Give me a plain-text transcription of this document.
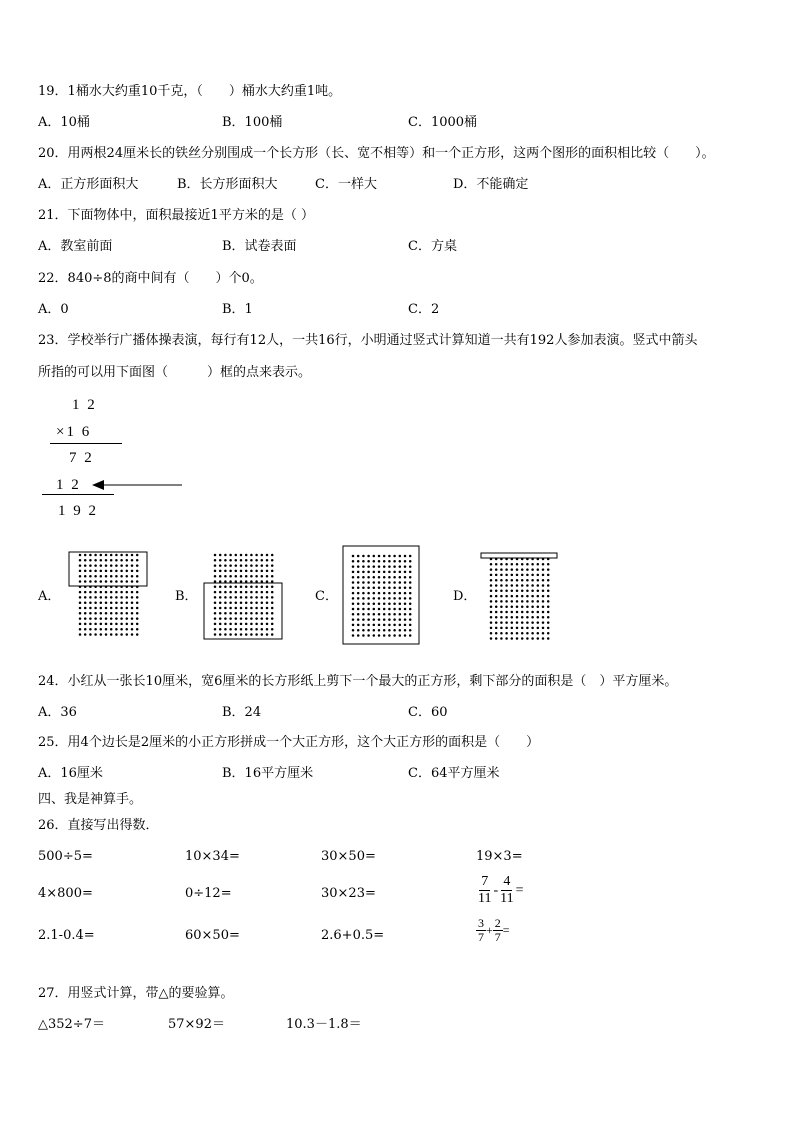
19．1桶水大约重10千克，（　　）桶水大约重1吨。
A．10桶	B．100桶	C．1000桶
20．用两根24厘米长的铁丝分别围成一个长方形（长、宽不相等）和一个正方形，这两个图形的面积相比较（　　）。
A．正方形面积大	B．长方形面积大	C．一样大	D．不能确定
21．下面物体中，面积最接近1平方米的是（ ）
A．教室前面	B．试卷表面	C．方桌
22．840÷8的商中间有（　　）个0。
A．0	B．1	C．2
23．学校举行广播体操表演，每行有12人，一共16行，小明通过竖式计算知道一共有192人参加表演。竖式中箭头
所指的可以用下面图（　　　）框的点来表示。
1 2
×1 6
7 2
1 2
1 9 2
A．	B．	C．	D．
24．小红从一张长10厘米，宽6厘米的长方形纸上剪下一个最大的正方形，剩下部分的面积是（　）平方厘米。
A．36	B．24	C．60
25．用4个边长是2厘米的小正方形拼成一个大正方形，这个大正方形的面积是（　　）
A．16厘米	B．16平方厘米	C．64平方厘米
四、我是神算手。
26．直接写出得数．
500÷5=	10×34=	30×50=	19×3=
4×800=	0÷12=	30×23=	$\frac{7}{11} - \frac{4}{11}$ =
2.1-0.4=	60×50=	2.6+0.5=	$\frac{3}{7} + \frac{2}{7}$ =
27．用竖式计算，带△的要验算。
△352÷7＝	57×92＝	10.3－1.8＝
